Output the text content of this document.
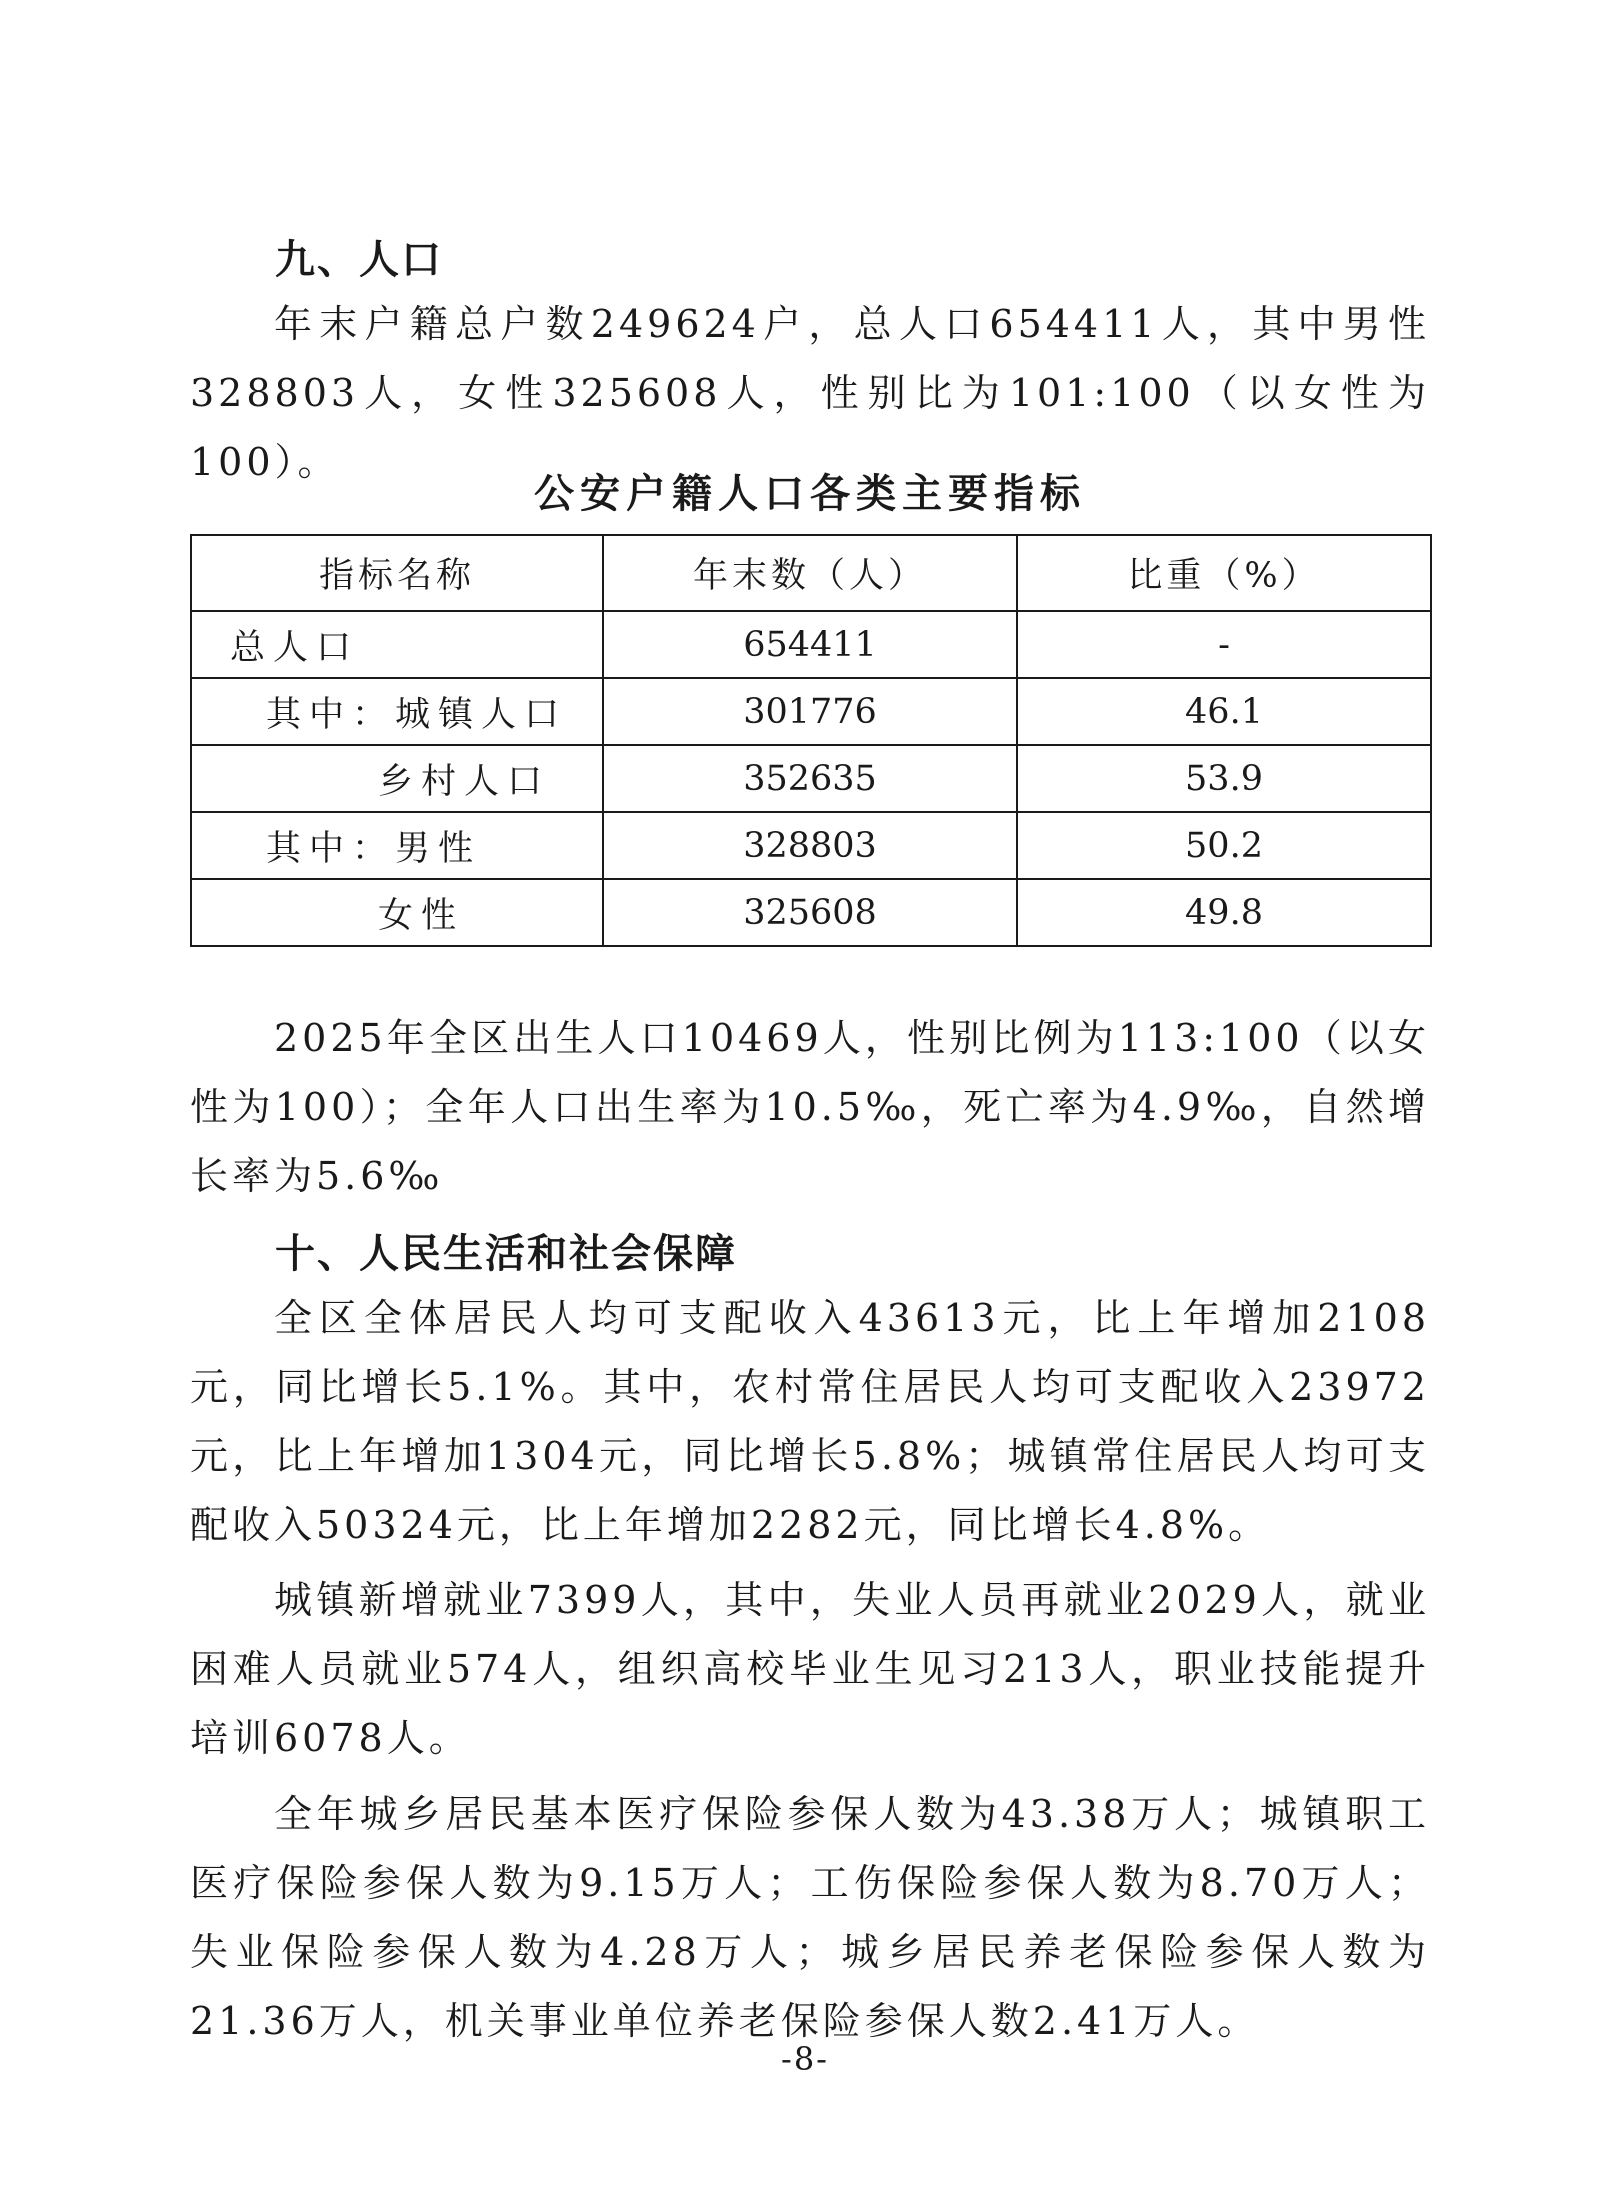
九、人口

年末户籍总户数249624户，总人口654411人，其中男性328803人，女性325608人，性别比为101:100（以女性为100）。

公安户籍人口各类主要指标
指标名称	年末数（人）	比重（%）
总人口	654411	-
其中：城镇人口	301776	46.1
乡村人口	352635	53.9
其中：男性	328803	50.2
女性	325608	49.8

2025年全区出生人口10469人，性别比例为113:100（以女性为100）；全年人口出生率为10.5‰，死亡率为4.9‰，自然增长率为5.6‰

十、人民生活和社会保障

全区全体居民人均可支配收入43613元，比上年增加2108元，同比增长5.1%。其中，农村常住居民人均可支配收入23972元，比上年增加1304元，同比增长5.8%；城镇常住居民人均可支配收入50324元，比上年增加2282元，同比增长4.8%。

城镇新增就业7399人，其中，失业人员再就业2029人，就业困难人员就业574人，组织高校毕业生见习213人，职业技能提升培训6078人。

全年城乡居民基本医疗保险参保人数为43.38万人；城镇职工医疗保险参保人数为9.15万人；工伤保险参保人数为8.70万人；失业保险参保人数为4.28万人；城乡居民养老保险参保人数为21.36万人，机关事业单位养老保险参保人数2.41万人。

-8-
